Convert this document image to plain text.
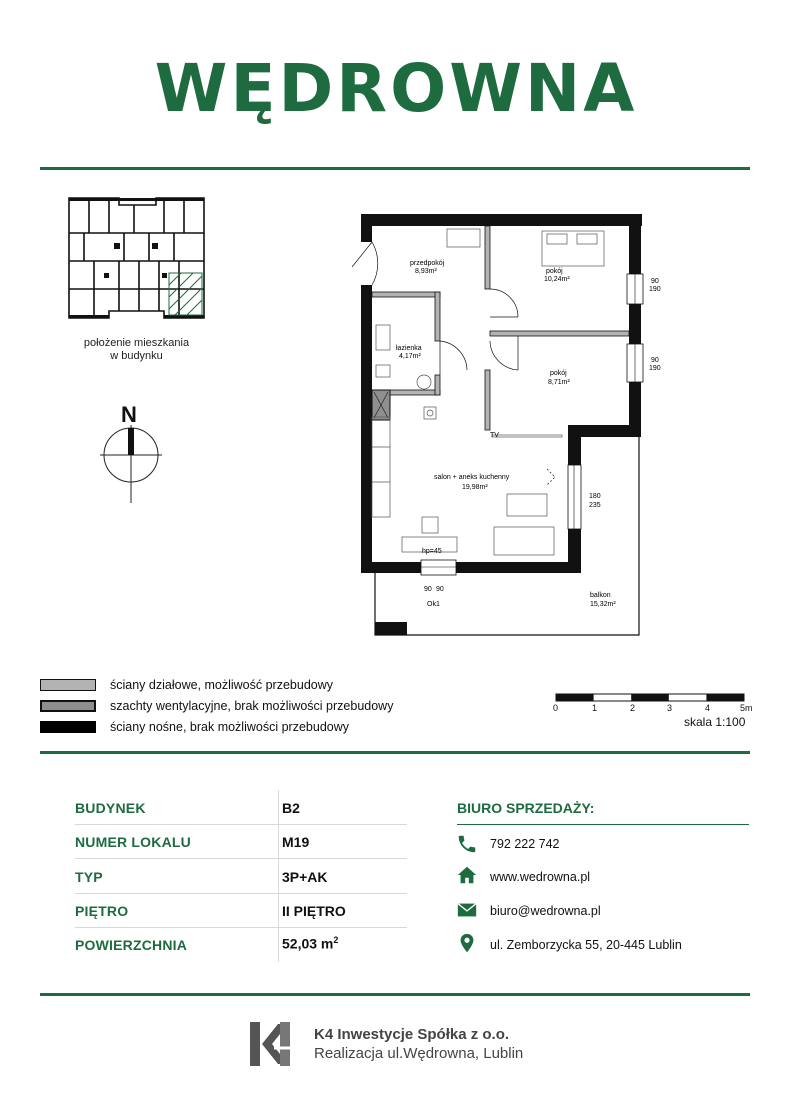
WĘDROWNA
położenie mieszkania
w budynku
N
przedpokój 8,93m²	pokój 10,24m²
łazienka 4,17m²
pokój 8,71m²
salon + aneks kuchenny 19,98m²
balkon 15,32m²
TV
hp=45
90
190
90
190
180
235
90 90
Ok1
ściany działowe, możliwość przebudowy
szachty wentylacyjne, brak możliwości przebudowy
ściany nośne, brak możliwości przebudowy
0	1	2	3	4	5m
skala 1:100
BUDYNEK	B2
NUMER LOKALU	M19
TYP	3P+AK
PIĘTRO	II PIĘTRO
POWIERZCHNIA	52,03 $m^2$
BIURO SPRZEDAŻY:
792 222 742
www.wedrowna.pl
biuro@wedrowna.pl
ul. Zemborzycka 55, 20-445 Lublin
K4 Inwestycje Spółka z o.o.
Realizacja ul.Wędrowna, Lublin
